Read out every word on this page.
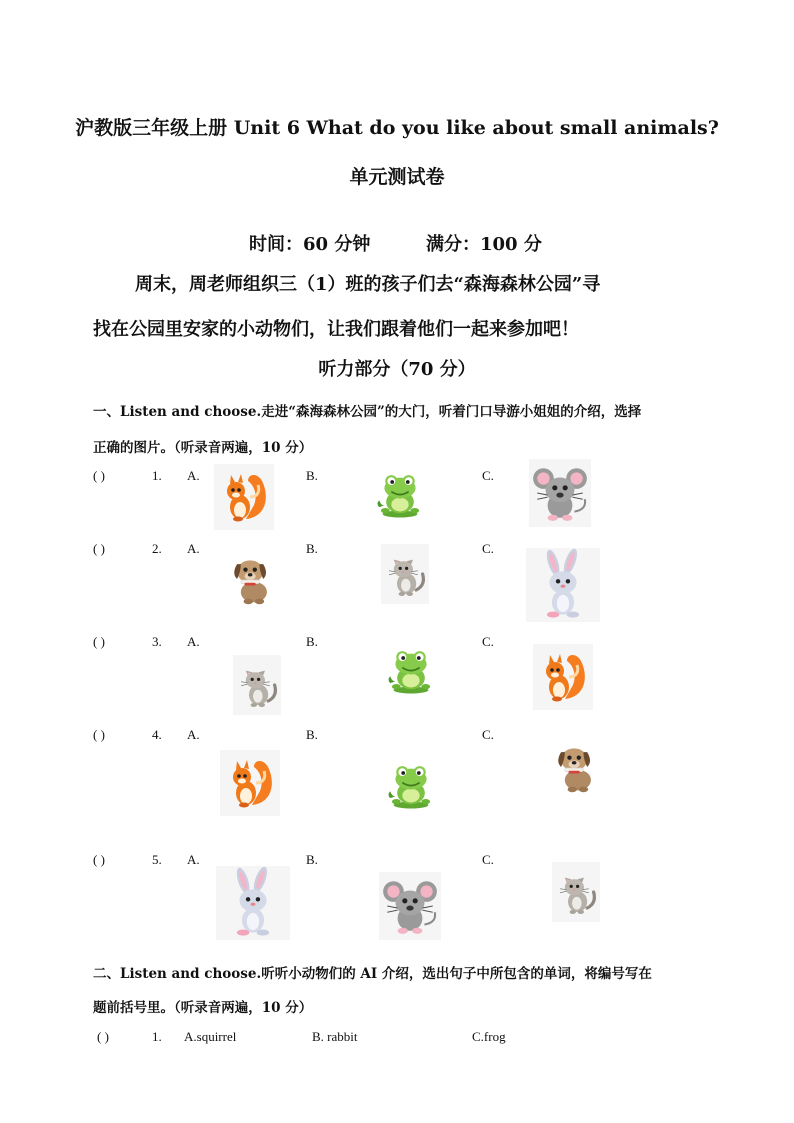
沪教版三年级上册 Unit 6 What do you like about small animals?
单元测试卷
时间：60 分钟	满分：100 分
周末，周老师组织三（1）班的孩子们去“森海森林公园”寻
找在公园里安家的小动物们，让我们跟着他们一起来参加吧！
听力部分（70 分）
一、Listen and choose.走进“森海森林公园”的大门，听着门口导游小姐姐的介绍，选择
正确的图片。（听录音两遍，10 分）
( )	1. A.	B.	C.
( )	2. A.	B.	C.
( )	3. A.	B.	C.
( )	4. A.	B.	C.
( )	5. A.	B.	C.
二、Listen and choose.听听小动物们的 AI 介绍，选出句子中所包含的单词，将编号写在
题前括号里。（听录音两遍，10 分）
( )	1. A.squirrel	B. rabbit	C.frog
